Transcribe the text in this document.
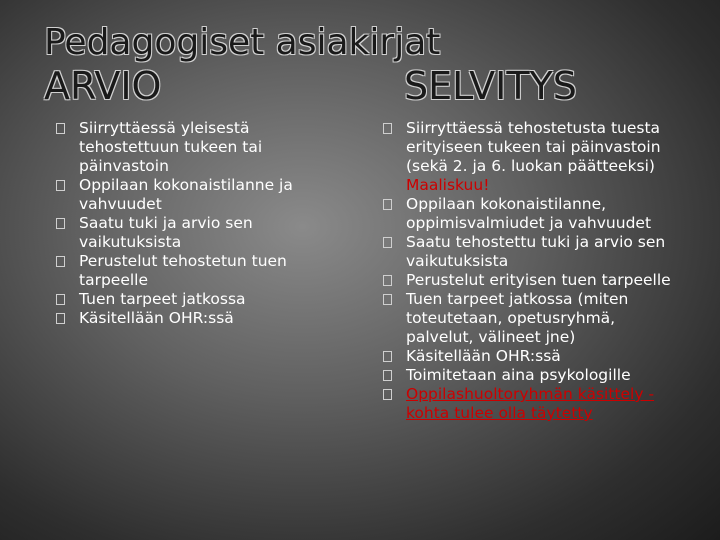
Pedagogiset asiakirjat
ARVIO	SELVITYS
Siirryttäessä yleisestä tehostettuun tukeen tai päinvastoin
Oppilaan kokonaistilanne ja vahvuudet
Saatu tuki ja arvio sen vaikutuksista
Perustelut tehostetun tuen tarpeelle
Tuen tarpeet jatkossa
Käsitellään OHR:ssä
Siirryttäessä tehostetusta tuesta erityiseen tukeen tai päinvastoin (sekä 2. ja 6. luokan päätteeksi) Maaliskuu!
Oppilaan kokonaistilanne, oppimisvalmiudet ja vahvuudet
Saatu tehostettu tuki ja arvio sen vaikutuksista
Perustelut erityisen tuen tarpeelle
Tuen tarpeet jatkossa (miten toteutetaan, opetusryhmä, palvelut, välineet jne)
Käsitellään OHR:ssä
Toimitetaan aina psykologille
Oppilashuoltoryhmän käsittely -kohta tulee olla täytetty
